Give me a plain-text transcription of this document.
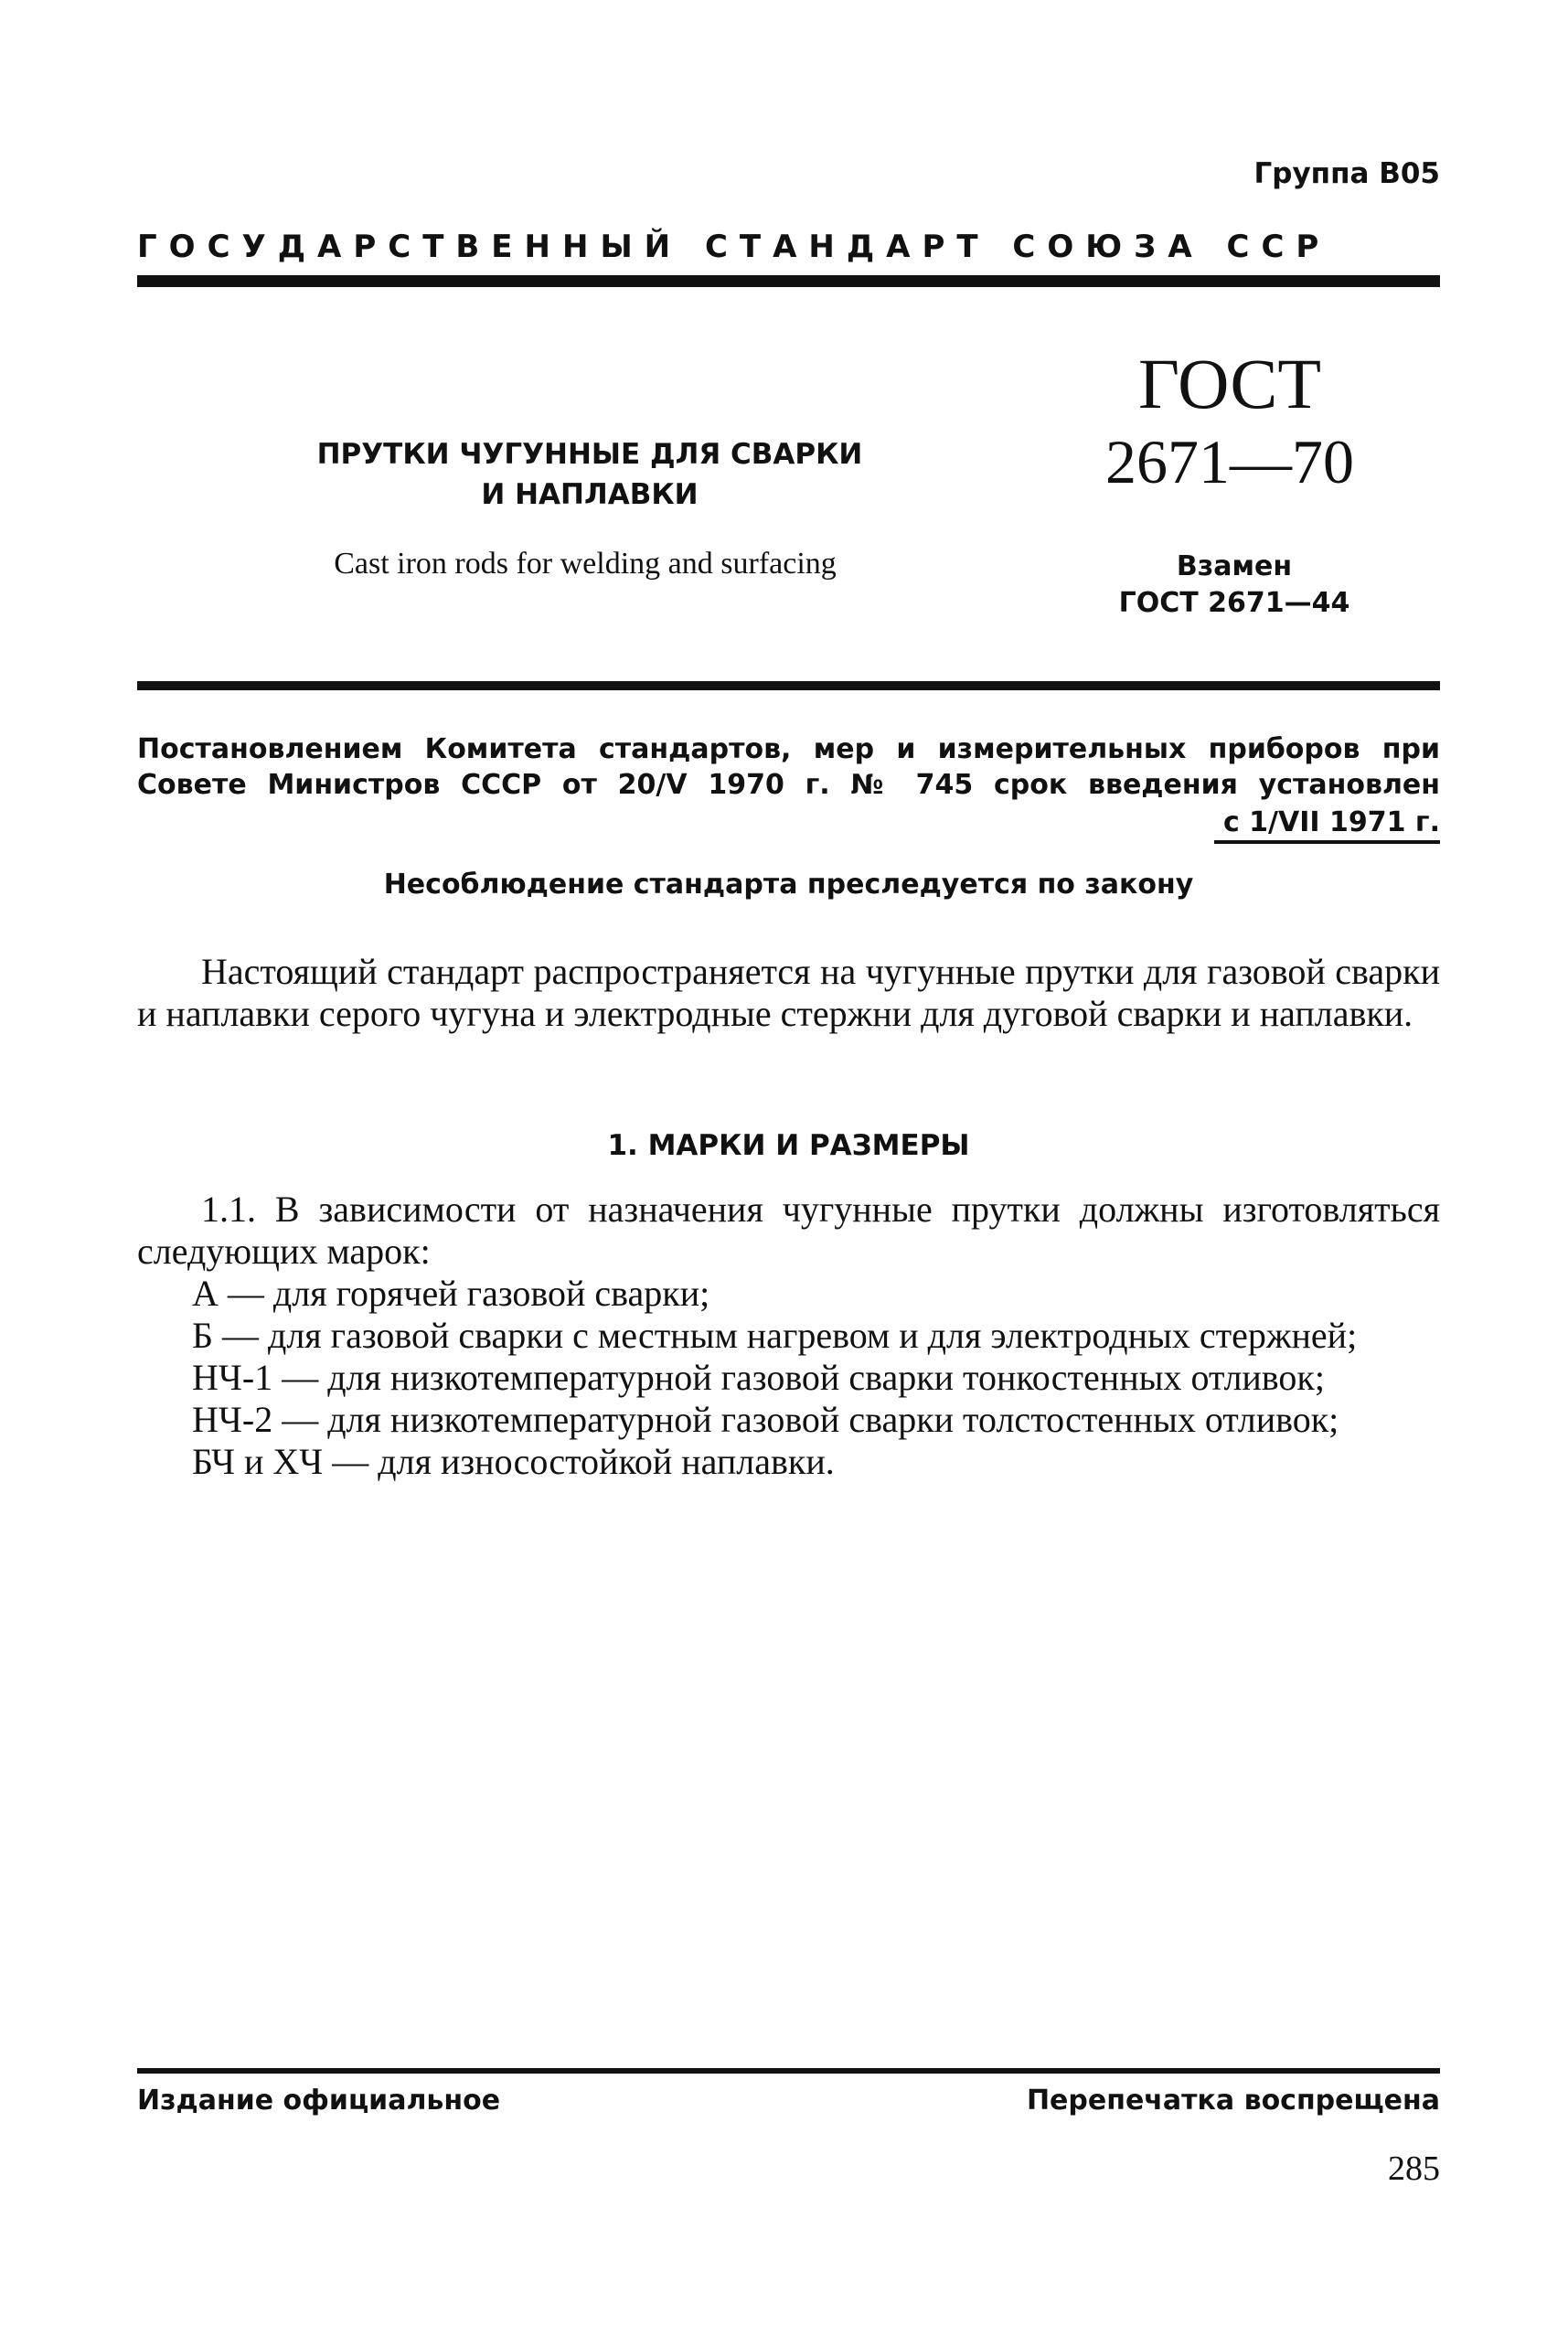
Группа В05
ГОСУДАРСТВЕННЫЙ СТАНДАРТ СОЮЗА ССР
ГОСТ
2671—70
ПРУТКИ ЧУГУННЫЕ ДЛЯ СВАРКИ
И НАПЛАВКИ
Cast iron rods for welding and surfacing	Взамен
ГОСТ 2671—44
Постановлением Комитета стандартов, мер и измерительных приборов при Совете Министров СССР от 20/V 1970 г. № 745 срок введения установлен
с 1/VII 1971 г.
Несоблюдение стандарта преследуется по закону
Настоящий стандарт распространяется на чугунные прутки для газовой сварки и наплавки серого чугуна и электродные стержни для дуговой сварки и наплавки.
1. МАРКИ И РАЗМЕРЫ
1.1. В зависимости от назначения чугунные прутки должны изготовляться следующих марок:
А — для горячей газовой сварки;
Б — для газовой сварки с местным нагревом и для электродных стержней;
НЧ-1 — для низкотемпературной газовой сварки тонкостенных отливок;
НЧ-2 — для низкотемпературной газовой сварки толстостенных отливок;
БЧ и ХЧ — для износостойкой наплавки.
Издание официальное	Перепечатка воспрещена
285
